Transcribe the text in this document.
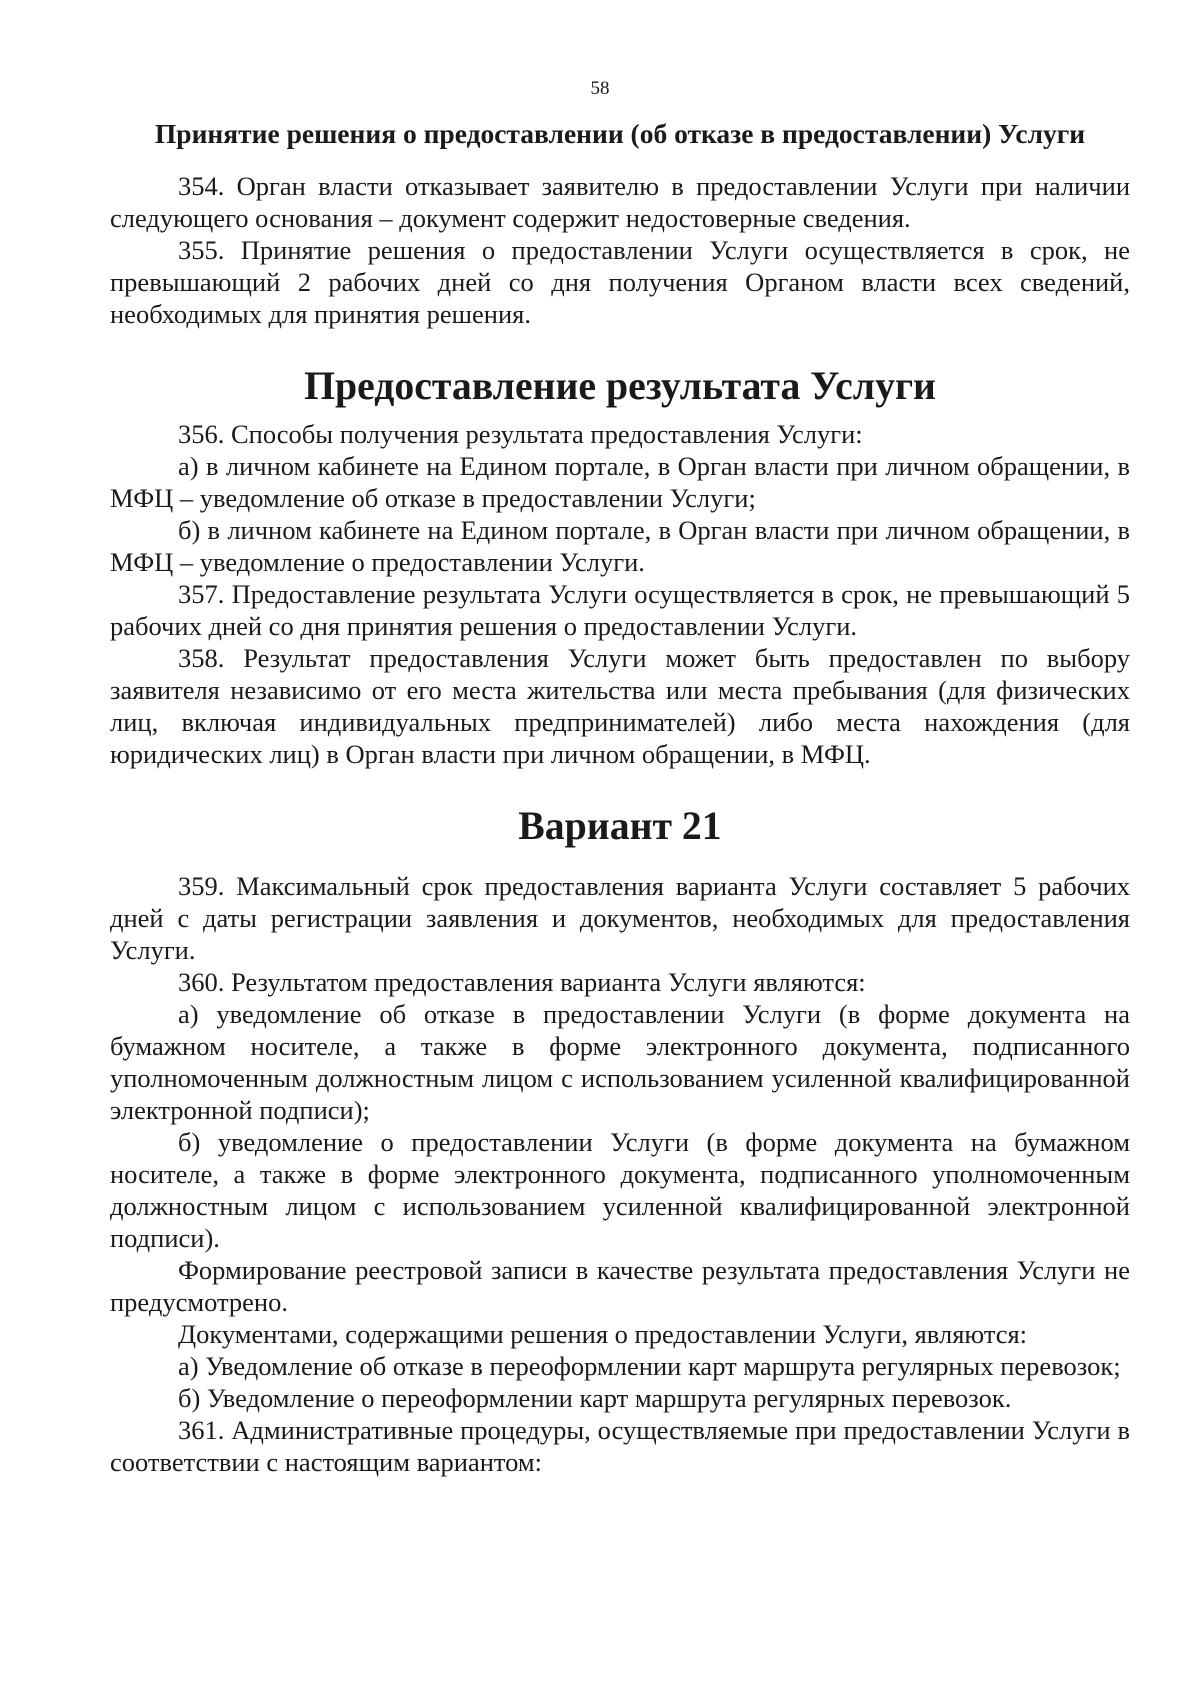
58
Принятие решения о предоставлении (об отказе в предоставлении) Услуги

354. Орган власти отказывает заявителю в предоставлении Услуги при наличии следующего основания – документ содержит недостоверные сведения.

355. Принятие решения о предоставлении Услуги осуществляется в срок, не превышающий 2 рабочих дней со дня получения Органом власти всех сведений, необходимых для принятия решения.

Предоставление результата Услуги

356. Способы получения результата предоставления Услуги:

а) в личном кабинете на Едином портале, в Орган власти при личном обращении, в МФЦ – уведомление об отказе в предоставлении Услуги;

б) в личном кабинете на Едином портале, в Орган власти при личном обращении, в МФЦ – уведомление о предоставлении Услуги.

357. Предоставление результата Услуги осуществляется в срок, не превышающий 5 рабочих дней со дня принятия решения о предоставлении Услуги.

358. Результат предоставления Услуги может быть предоставлен по выбору заявителя независимо от его места жительства или места пребывания (для физических лиц, включая индивидуальных предпринимателей) либо места нахождения (для юридических лиц) в Орган власти при личном обращении, в МФЦ.

Вариант 21

359. Максимальный срок предоставления варианта Услуги составляет 5 рабочих дней с даты регистрации заявления и документов, необходимых для предоставления Услуги.

360. Результатом предоставления варианта Услуги являются:

а) уведомление об отказе в предоставлении Услуги (в форме документа на бумажном носителе, а также в форме электронного документа, подписанного уполномоченным должностным лицом с использованием усиленной квалифицированной электронной подписи);

б) уведомление о предоставлении Услуги (в форме документа на бумажном носителе, а также в форме электронного документа, подписанного уполномоченным должностным лицом с использованием усиленной квалифицированной электронной подписи).

Формирование реестровой записи в качестве результата предоставления Услуги не предусмотрено.

Документами, содержащими решения о предоставлении Услуги, являются:

а) Уведомление об отказе в переоформлении карт маршрута регулярных перевозок;

б) Уведомление о переоформлении карт маршрута регулярных перевозок.

361. Административные процедуры, осуществляемые при предоставлении Услуги в соответствии с настоящим вариантом:
